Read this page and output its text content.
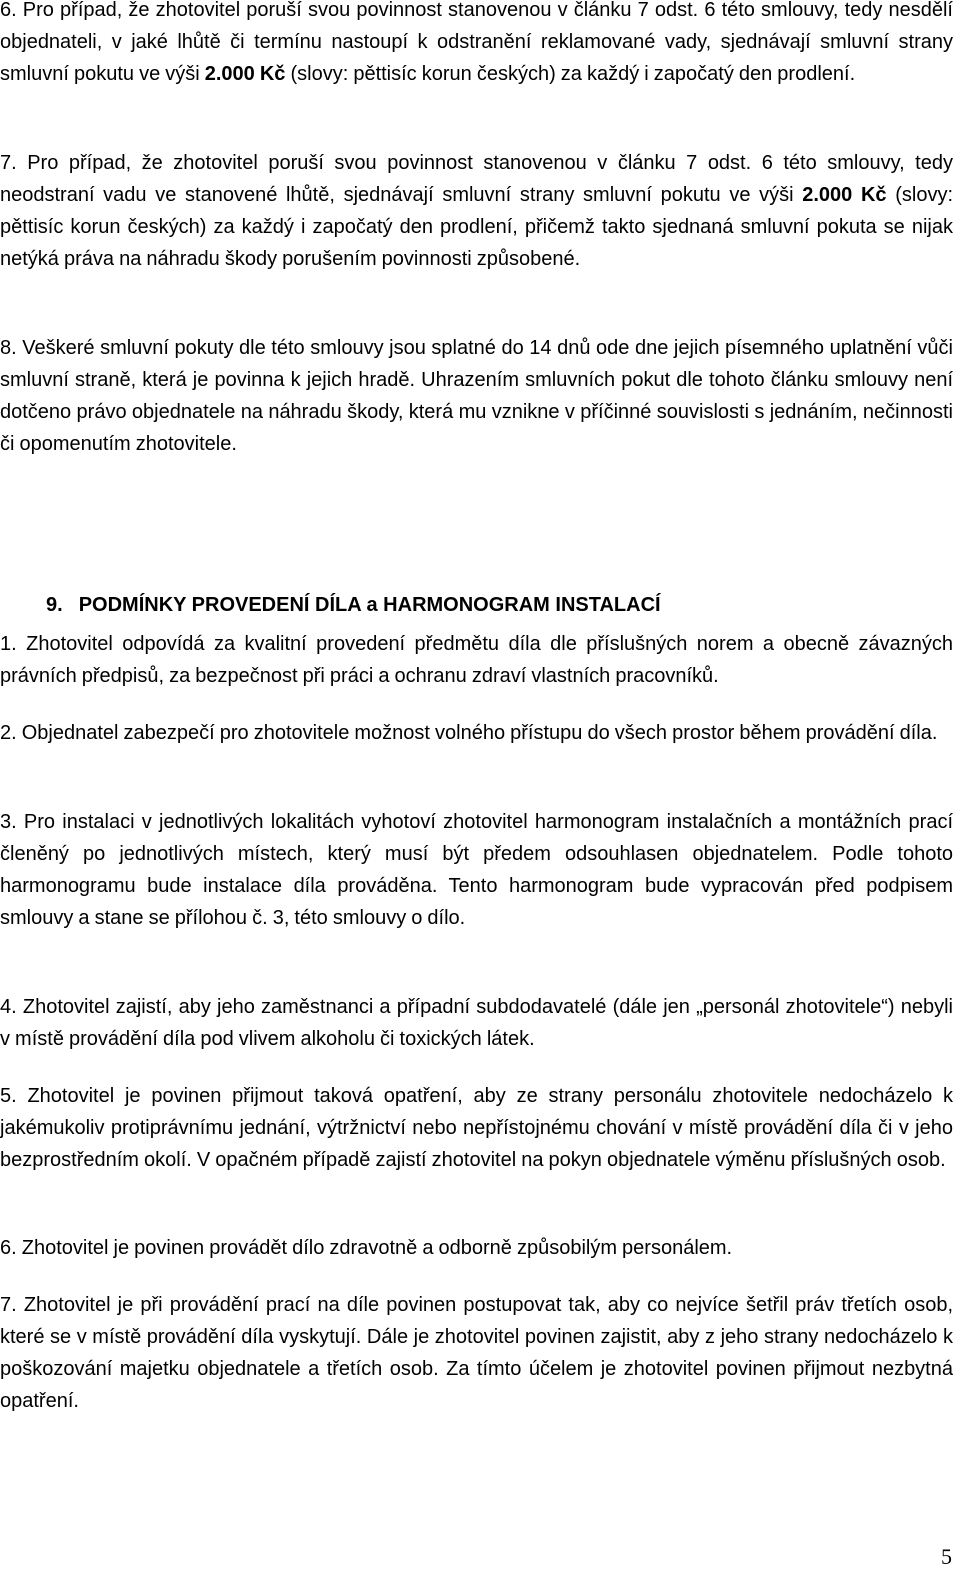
6. Pro případ, že zhotovitel poruší svou povinnost stanovenou v článku 7 odst. 6 této smlouvy, tedy nesdělí objednateli, v jaké lhůtě či termínu nastoupí k odstranění reklamované vady, sjednávají smluvní strany smluvní pokutu ve výši 2.000 Kč (slovy: pěttisíc korun českých) za každý i započatý den prodlení.

7. Pro případ, že zhotovitel poruší svou povinnost stanovenou v článku 7 odst. 6 této smlouvy, tedy neodstraní vadu ve stanovené lhůtě, sjednávají smluvní strany smluvní pokutu ve výši 2.000 Kč (slovy: pěttisíc korun českých) za každý i započatý den prodlení, přičemž takto sjednaná smluvní pokuta se nijak netýká práva na náhradu škody porušením povinnosti způsobené.

8. Veškeré smluvní pokuty dle této smlouvy jsou splatné do 14 dnů ode dne jejich písemného uplatnění vůči smluvní straně, která je povinna k jejich hradě. Uhrazením smluvních pokut dle tohoto článku smlouvy není dotčeno právo objednatele na náhradu škody, která mu vznikne v příčinné souvislosti s jednáním, nečinnosti či opomenutím zhotovitele.

9. PODMÍNKY PROVEDENÍ DÍLA a HARMONOGRAM INSTALACÍ

1. Zhotovitel odpovídá za kvalitní provedení předmětu díla dle příslušných norem a obecně závazných právních předpisů, za bezpečnost při práci a ochranu zdraví vlastních pracovníků.

2. Objednatel zabezpečí pro zhotovitele možnost volného přístupu do všech prostor během provádění díla.

3. Pro instalaci v jednotlivých lokalitách vyhotoví zhotovitel harmonogram instalačních a montážních prací členěný po jednotlivých místech, který musí být předem odsouhlasen objednatelem. Podle tohoto harmonogramu bude instalace díla prováděna. Tento harmonogram bude vypracován před podpisem smlouvy a stane se přílohou č. 3, této smlouvy o dílo.

4. Zhotovitel zajistí, aby jeho zaměstnanci a případní subdodavatelé (dále jen „personál zhotovitele“) nebyli v místě provádění díla pod vlivem alkoholu či toxických látek.

5. Zhotovitel je povinen přijmout taková opatření, aby ze strany personálu zhotovitele nedocházelo k jakémukoliv protiprávnímu jednání, výtržnictví nebo nepřístojnému chování v místě provádění díla či v jeho bezprostředním okolí. V opačném případě zajistí zhotovitel na pokyn objednatele výměnu příslušných osob.

6. Zhotovitel je povinen provádět dílo zdravotně a odborně způsobilým personálem.

7. Zhotovitel je při provádění prací na díle povinen postupovat tak, aby co nejvíce šetřil práv třetích osob, které se v místě provádění díla vyskytují. Dále je zhotovitel povinen zajistit, aby z jeho strany nedocházelo k poškozování majetku objednatele a třetích osob. Za tímto účelem je zhotovitel povinen přijmout nezbytná opatření.

5
